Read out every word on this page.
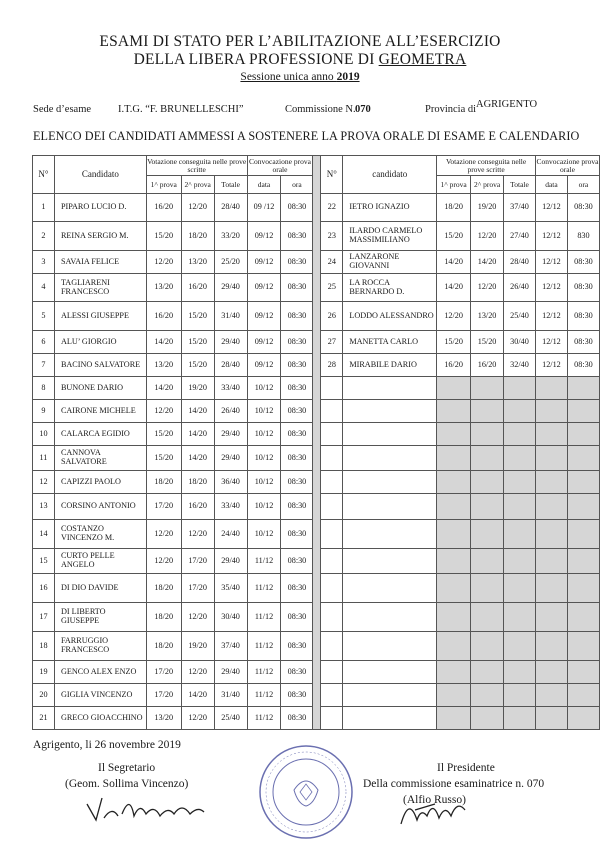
ESAMI DI STATO PER L’ABILITAZIONE ALL’ESERCIZIO
DELLA LIBERA PROFESSIONE DI GEOMETRA
Sessione unica anno 2019
Sede d’esame	I.T.G. “F. BRUNELLESCHI”	Commissione N. 070	Provincia di AGRIGENTO
ELENCO DEI CANDIDATI AMMESSI A SOSTENERE LA PROVA ORALE DI ESAME E CALENDARIO
N°	Candidato	Votazione conseguita nelle prove scritte			Convocazione prova orale			N°	candidato	Votazione conseguita nelle prove scritte			Convocazione prova orale	
		1^ prova	2^ prova	Totale	data	ora				1^ prova	2^ prova	Totale	data	ora
1	PIPARO LUCIO D.	16/20	12/20	28/40	09 /12	08:30		22	IETRO IGNAZIO	18/20	19/20	37/40	12/12	08:30
2	REINA SERGIO M.	15/20	18/20	33/20	09/12	08:30		23	ILARDO CARMELO MASSIMILIANO	15/20	12/20	27/40	12/12	830
3	SAVAIA FELICE	12/20	13/20	25/20	09/12	08:30		24	LANZARONE GIOVANNI	14/20	14/20	28/40	12/12	08:30
4	TAGLIARENI FRANCESCO	13/20	16/20	29/40	09/12	08:30		25	LA ROCCA BERNARDO D.	14/20	12/20	26/40	12/12	08:30
5	ALESSI GIUSEPPE	16/20	15/20	31/40	09/12	08:30		26	LODDO ALESSANDRO	12/20	13/20	25/40	12/12	08:30
6	ALU’ GIORGIO	14/20	15/20	29/40	09/12	08:30		27	MANETTA CARLO	15/20	15/20	30/40	12/12	08:30
7	BACINO SALVATORE	13/20	15/20	28/40	09/12	08:30		28	MIRABILE DARIO	16/20	16/20	32/40	12/12	08:30
8	BUNONE DARIO	14/20	19/20	33/40	10/12	08:30								
9	CAIRONE MICHELE	12/20	14/20	26/40	10/12	08:30								
10	CALARCA EGIDIO	15/20	14/20	29/40	10/12	08:30								
11	CANNOVA SALVATORE	15/20	14/20	29/40	10/12	08:30								
12	CAPIZZI PAOLO	18/20	18/20	36/40	10/12	08:30								
13	CORSINO ANTONIO	17/20	16/20	33/40	10/12	08:30								
14	COSTANZO VINCENZO M.	12/20	12/20	24/40	10/12	08:30								
15	CURTO PELLE ANGELO	12/20	17/20	29/40	11/12	08:30								
16	DI DIO DAVIDE	18/20	17/20	35/40	11/12	08:30								
17	DI LIBERTO GIUSEPPE	18/20	12/20	30/40	11/12	08:30								
18	FARRUGGIO FRANCESCO	18/20	19/20	37/40	11/12	08:30								
19	GENCO ALEX ENZO	17/20	12/20	29/40	11/12	08:30								
20	GIGLIA VINCENZO	17/20	14/20	31/40	11/12	08:30								
21	GRECO GIOACCHINO	13/20	12/20	25/40	11/12	08:30								
Agrigento, li 26 novembre 2019
Il Segretario
(Geom. Sollima Vincenzo)
Il Presidente
Della commissione esaminatrice n. 070
(Alfio Russo)
